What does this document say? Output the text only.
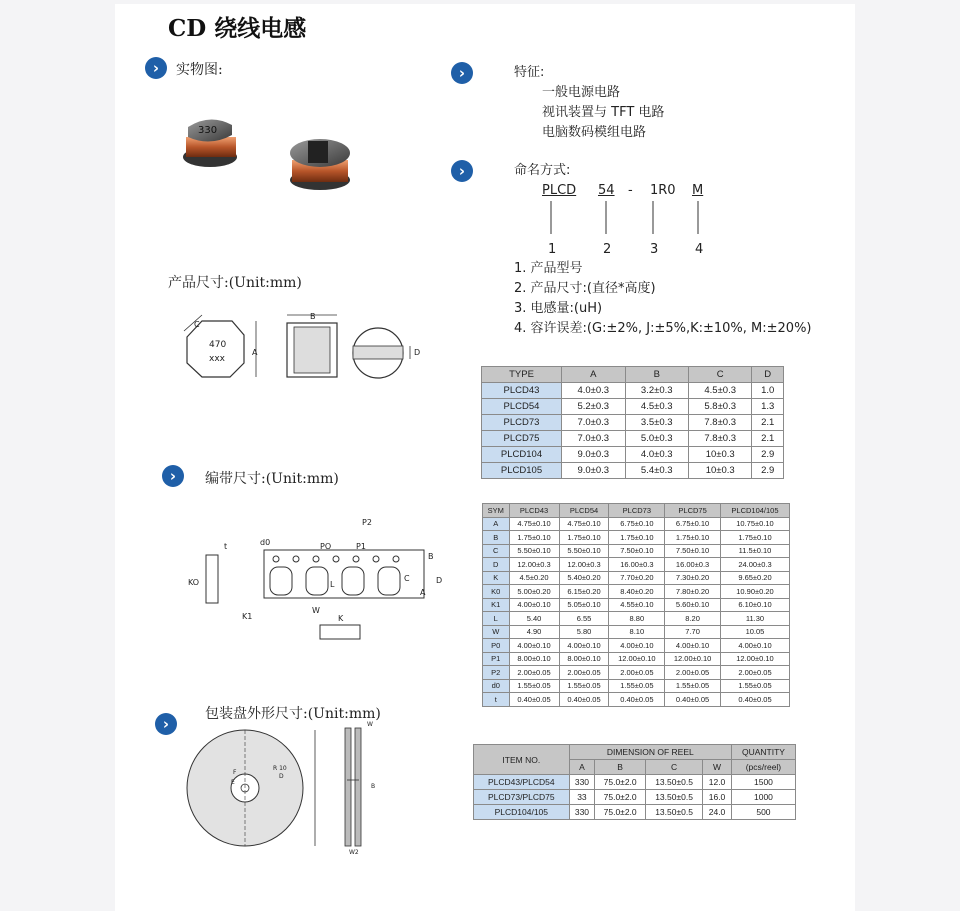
CD 绕线电感
›	›
›
›
›
实物图:
产品尺寸:(Unit:mm)
编带尺寸:(Unit:mm)
包装盘外形尺寸:(Unit:mm)
特征:
一般电源电路
视讯装置与 TFT 电路
电脑数码模组电路
命名方式:
PLCD 54 - 1R0 M
1	2	3	4
1. 产品型号
2. 产品尺寸:(直径*高度)
3. 电感量:(uH)
4. 容许误差:(G:±2%, J:±5%,K:±10%, M:±20%)
330
470
xxx
A
C
B
D
t	d0
P2
PO	P1
B
KO	C
A
D
L
W
K1	K
W
R 10
B
W2
E
F
D
TYPE	A	B	C	D
PLCD43	4.0±0.3	3.2±0.3	4.5±0.3	1.0
PLCD54	5.2±0.3	4.5±0.3	5.8±0.3	1.3
PLCD73	7.0±0.3	3.5±0.3	7.8±0.3	2.1
PLCD75	7.0±0.3	5.0±0.3	7.8±0.3	2.1
PLCD104	9.0±0.3	4.0±0.3	10±0.3	2.9
PLCD105	9.0±0.3	5.4±0.3	10±0.3	2.9
SYM	PLCD43	PLCD54	PLCD73	PLCD75	PLCD104/105
A	4.75±0.10	4.75±0.10	6.75±0.10	6.75±0.10	10.75±0.10
B	1.75±0.10	1.75±0.10	1.75±0.10	1.75±0.10	1.75±0.10
C	5.50±0.10	5.50±0.10	7.50±0.10	7.50±0.10	11.5±0.10
D	12.00±0.3	12.00±0.3	16.00±0.3	16.00±0.3	24.00±0.3
K	4.5±0.20	5.40±0.20	7.70±0.20	7.30±0.20	9.65±0.20
K0	5.00±0.20	6.15±0.20	8.40±0.20	7.80±0.20	10.90±0.20
K1	4.00±0.10	5.05±0.10	4.55±0.10	5.60±0.10	6.10±0.10
L	5.40	6.55	8.80	8.20	11.30
W	4.90	5.80	8.10	7.70	10.05
P0	4.00±0.10	4.00±0.10	4.00±0.10	4.00±0.10	4.00±0.10
P1	8.00±0.10	8.00±0.10	12.00±0.10	12.00±0.10	12.00±0.10
P2	2.00±0.05	2.00±0.05	2.00±0.05	2.00±0.05	2.00±0.05
d0	1.55±0.05	1.55±0.05	1.55±0.05	1.55±0.05	1.55±0.05
t	0.40±0.05	0.40±0.05	0.40±0.05	0.40±0.05	0.40±0.05
ITEM NO.	DIMENSION OF REEL				QUANTITY
	A	B	C	W	(pcs/reel)
PLCD43/PLCD54	330	75.0±2.0	13.50±0.5	12.0	1500
PLCD73/PLCD75	33	75.0±2.0	13.50±0.5	16.0	1000
PLCD104/105	330	75.0±2.0	13.50±0.5	24.0	500
